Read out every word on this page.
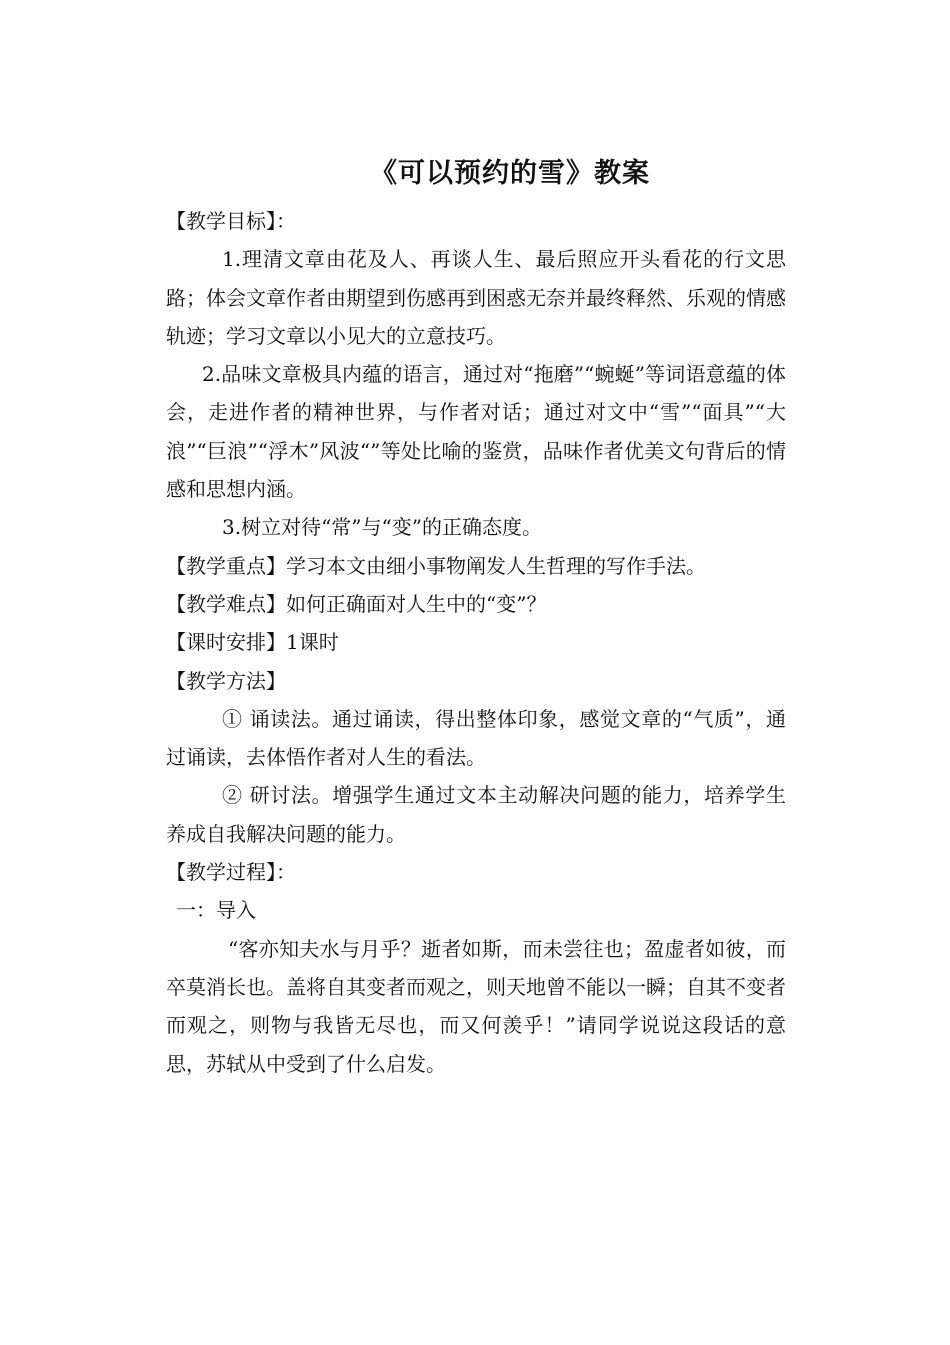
《可以预约的雪》教案

【教学目标】：

1.理清文章由花及人、再谈人生、最后照应开头看花的行文思路；体会文章作者由期望到伤感再到困惑无奈并最终释然、乐观的情感轨迹；学习文章以小见大的立意技巧。

2.品味文章极具内蕴的语言，通过对“拖磨”“蜿蜒”等词语意蕴的体会，走进作者的精神世界，与作者对话；通过对文中“雪”“面具”“大浪”“巨浪”“浮木”风波“”等处比喻的鉴赏，品味作者优美文句背后的情感和思想内涵。

3.树立对待“常”与“变”的正确态度。

【教学重点】学习本文由细小事物阐发人生哲理的写作手法。

【教学难点】如何正确面对人生中的“变”？

【课时安排】1课时

【教学方法】

① 诵读法。通过诵读，得出整体印象，感觉文章的“气质”，通过诵读，去体悟作者对人生的看法。

② 研讨法。增强学生通过文本主动解决问题的能力，培养学生养成自我解决问题的能力。

【教学过程】：

一：导入

“客亦知夫水与月乎？逝者如斯，而未尝往也；盈虚者如彼，而卒莫消长也。盖将自其变者而观之，则天地曾不能以一瞬；自其不变者而观之，则物与我皆无尽也，而又何羡乎！”请同学说说这段话的意思，苏轼从中受到了什么启发。
